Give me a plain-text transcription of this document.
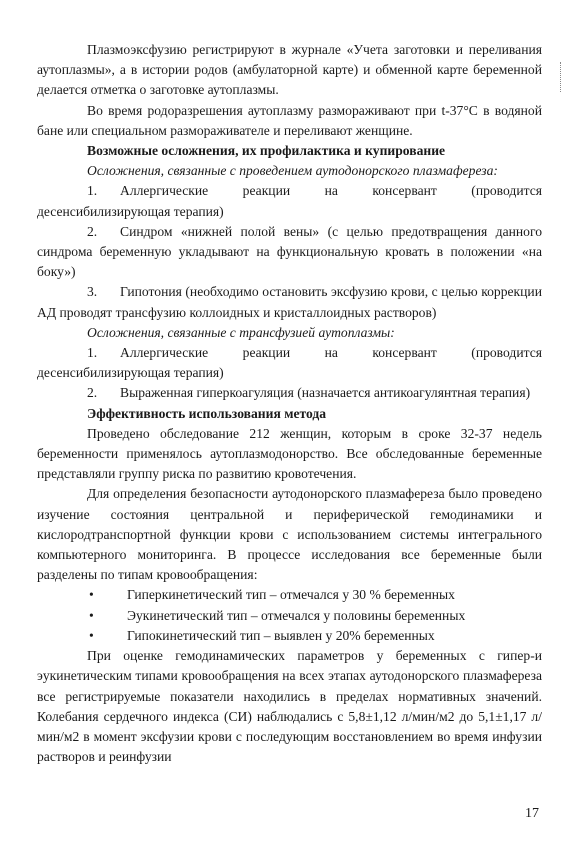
Плазмоэксфузию регистрируют в журнале «Учета заготовки и переливания аутоплазмы», а в истории родов (амбулаторной карте) и обменной карте беременной делается отметка о заготовке аутоплазмы.

Во время родоразрешения аутоплазму размораживают при t-37°C в водяной бане или специальном размораживателе и переливают женщине.

Возможные осложнения, их профилактика и купирование

Осложнения, связанные с проведением аутодонорского плазмафереза:

1. Аллергические реакции на консервант (проводится десенсибилизирующая терапия)

2. Синдром «нижней полой вены» (с целью предотвращения данного синдрома беременную укладывают на функциональную кровать в положении «на боку»)

3. Гипотония (необходимо остановить эксфузию крови, с целью коррекции АД проводят трансфузию коллоидных и кристаллоидных растворов)

Осложнения, связанные с трансфузией аутоплазмы:

1. Аллергические реакции на консервант (проводится десенсибилизирующая терапия)

2. Выраженная гиперкоагуляция (назначается антикоагулянтная терапия)

Эффективность использования метода

Проведено обследование 212 женщин, которым в сроке 32-37 недель беременности применялось аутоплазмодонорство. Все обследованные беременные представляли группу риска по развитию кровотечения.

Для определения безопасности аутодонорского плазмафереза было проведено изучение состояния центральной и периферической гемодинамики и кислородтранспортной функции крови с использованием системы интегрального компьютерного мониторинга. В процессе исследования все беременные были разделены по типам кровообращения:

• Гиперкинетический тип – отмечался у 30 % беременных
• Эукинетический тип – отмечался у половины беременных
• Гипокинетический тип – выявлен у 20% беременных

При оценке гемодинамических параметров у беременных с гипер-и эукинетическим типами кровообращения на всех этапах аутодонорского плазмафереза все регистрируемые показатели находились в пределах нормативных значений. Колебания сердечного индекса (СИ) наблюдались с 5,8±1,12 л/мин/м2 до 5,1±1,17 л/мин/м2 в момент эксфузии крови с последующим восстановлением во время инфузии растворов и реинфузии

17
